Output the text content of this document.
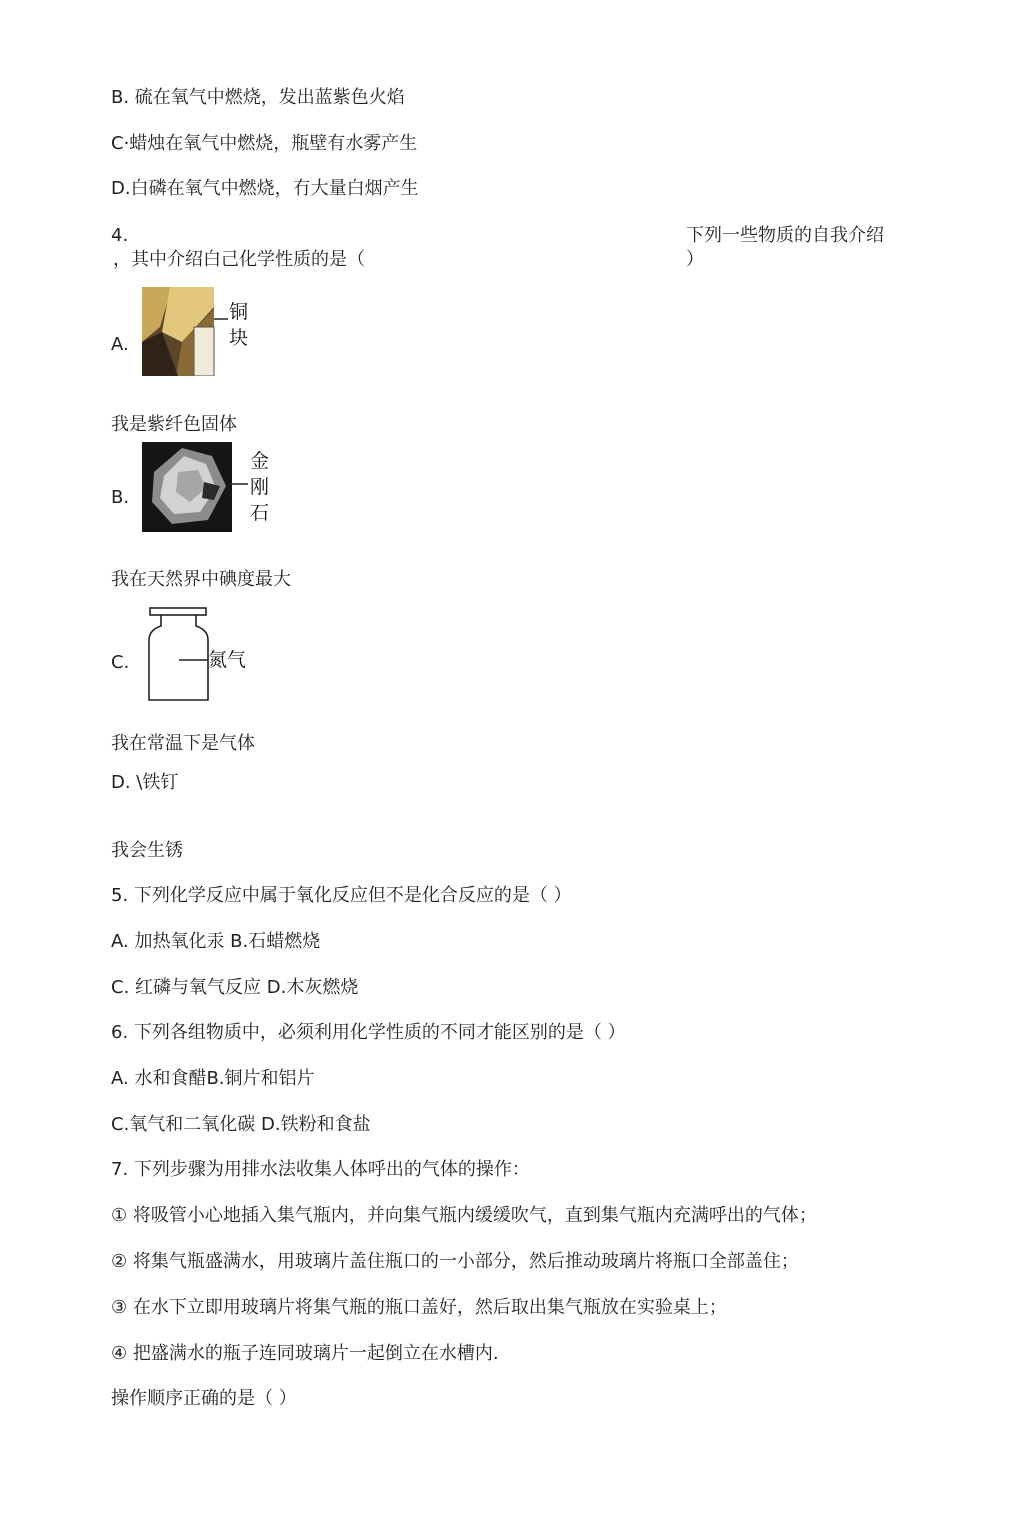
B. 硫在氧气中燃烧，发出蓝紫色火焰
C·蜡烛在氧气中燃烧，瓶壁有水雾产生
D.白磷在氧气中燃烧，冇大量白烟产生
4.	下列一些物质的自我介绍
，其中介绍白己化学性质的是（	）
A.
铜
块
我是紫纤色固体
B.
金
刚
石
我在天然界中碘度最大
C.	氮气
我在常温下是气体
D. \铁钉
我会生锈
5. 下列化学反应中属于氧化反应但不是化合反应的是（ ）
A. 加热氧化汞 B.石蜡燃烧
C. 红磷与氧气反应 D.木灰燃烧
6. 下列各组物质中，必须利用化学性质的不同才能区别的是（ ）
A. 水和食醋B.铜片和铝片
C.氧气和二氧化碳 D.铁粉和食盐
7. 下列步骤为用排水法收集人体呼出的气体的操作：
① 将吸管小心地插入集气瓶内，并向集气瓶内缓缓吹气，直到集气瓶内充满呼出的气体；
② 将集气瓶盛满水，用玻璃片盖住瓶口的一小部分，然后推动玻璃片将瓶口全部盖住；
③ 在水下立即用玻璃片将集气瓶的瓶口盖好，然后取出集气瓶放在实验桌上；
④ 把盛满水的瓶子连同玻璃片一起倒立在水槽内.
操作顺序正确的是（ ）
